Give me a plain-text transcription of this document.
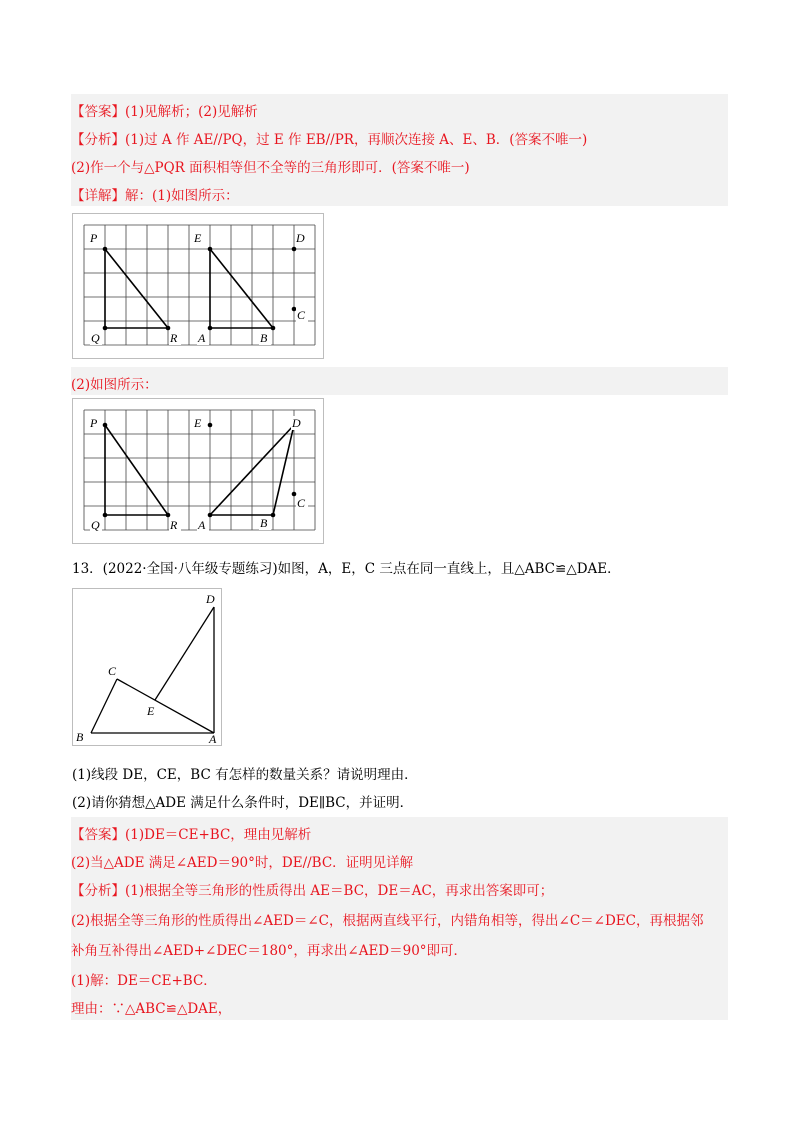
【答案】(1)见解析；(2)见解析
【分析】(1)过 A 作 AE//PQ，过 E 作 EB//PR，再顺次连接 A、E、B．(答案不唯一)
(2)作一个与△PQR 面积相等但不全等的三角形即可．(答案不唯一)
【详解】解：(1)如图所示：
P
Q	R
E
A	B
D
C
(2)如图所示：
P
Q	R
E
A	B
D
C
13．(2022·全国·八年级专题练习)如图，A，E，C 三点在同一直线上，且△ABC≌△DAE．
D
C
E
B	A
(1)线段 DE，CE，BC 有怎样的数量关系？请说明理由．
(2)请你猜想△ADE 满足什么条件时，DE∥BC，并证明．
【答案】(1)DE＝CE+BC，理由见解析
(2)当△ADE 满足∠AED＝90°时，DE//BC．证明见详解
【分析】(1)根据全等三角形的性质得出 AE＝BC，DE＝AC，再求出答案即可；
(2)根据全等三角形的性质得出∠AED＝∠C，根据两直线平行，内错角相等，得出∠C＝∠DEC，再根据邻
补角互补得出∠AED+∠DEC＝180°，再求出∠AED＝90°即可．
(1)解：DE＝CE+BC．
理由：∵△ABC≌△DAE，
